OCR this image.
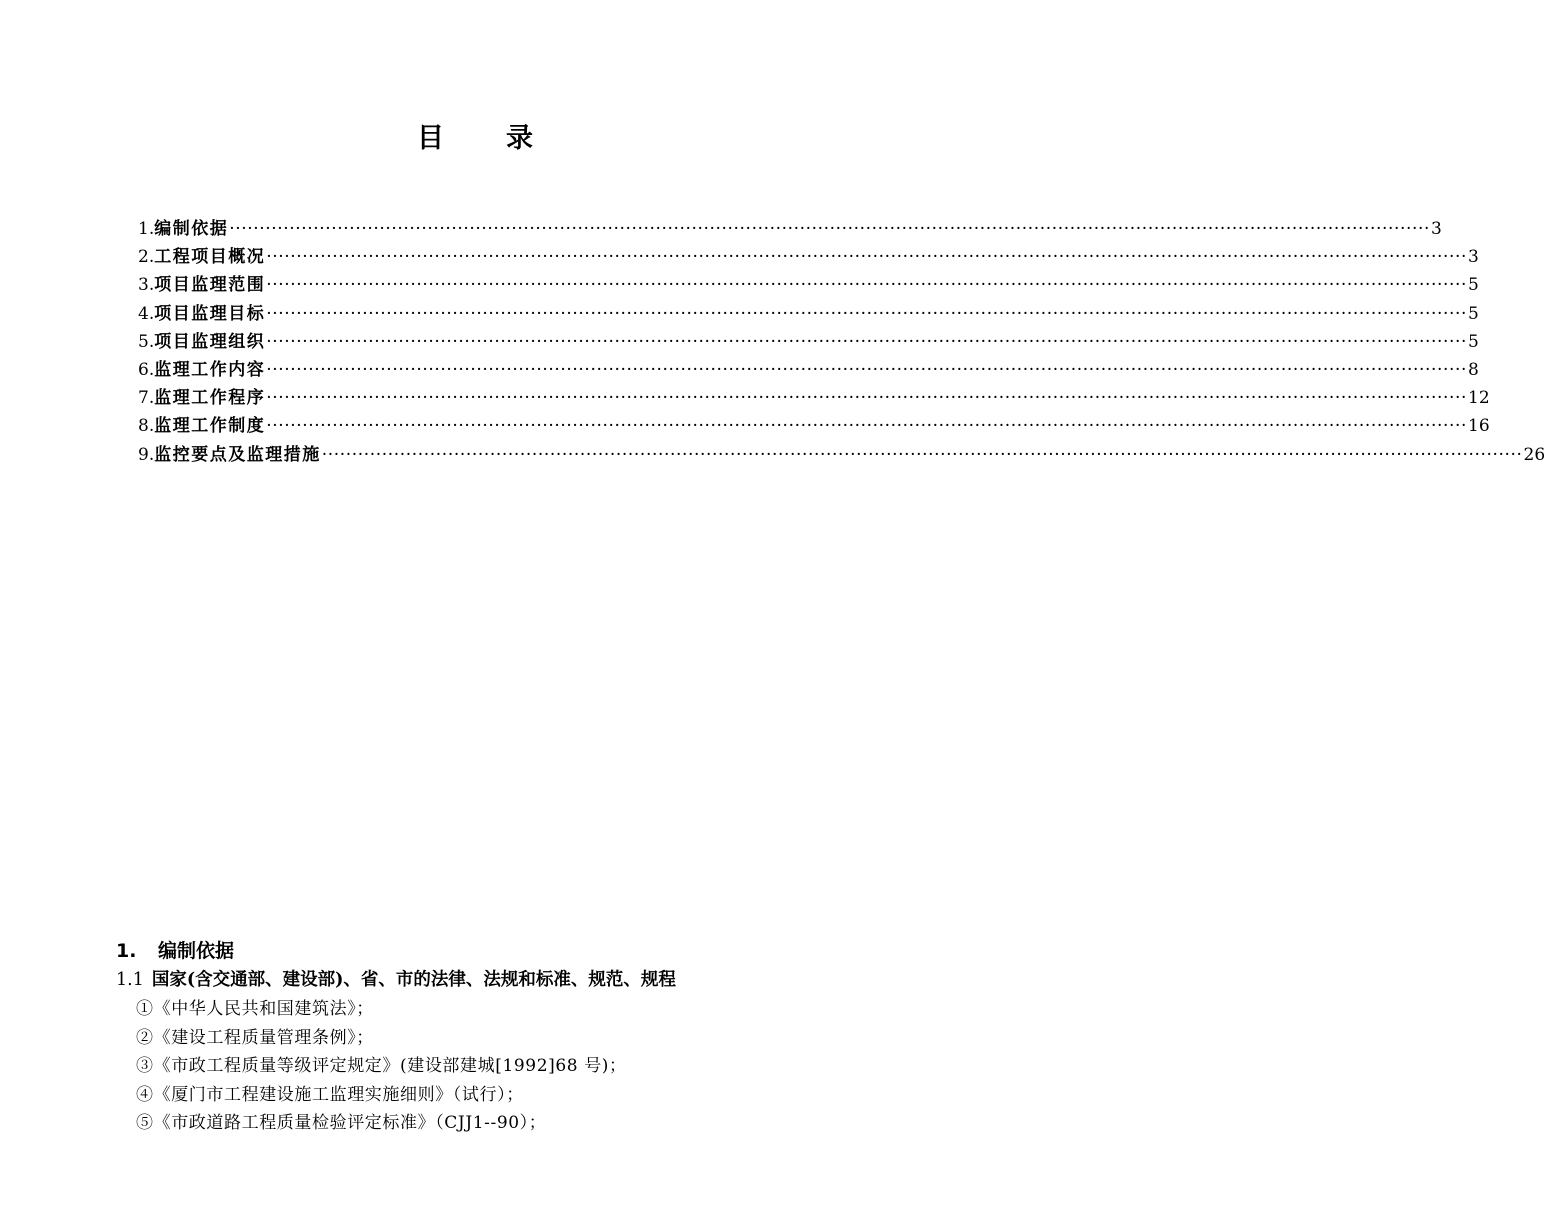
目 录
1. 编制依据 ········································································································································································································ 3
2. 工程项目概况 ········································································································································································································ 3
3. 项目监理范围 ········································································································································································································ 5
4. 项目监理目标 ········································································································································································································ 5
5. 项目监理组织 ········································································································································································································ 5
6. 监理工作内容 ········································································································································································································ 8
7. 监理工作程序 ········································································································································································································ 12
8. 监理工作制度 ········································································································································································································ 16
9. 监控要点及监理措施 ········································································································································································································ 26
1. 编制依据
1.1 国家(含交通部、建设部)、省、市的法律、法规和标准、规范、规程
①《中华人民共和国建筑法》；
②《建设工程质量管理条例》；
③《市政工程质量等级评定规定》(建设部建城[1992]68 号)；
④《厦门市工程建设施工监理实施细则》（试行）；
⑤《市政道路工程质量检验评定标准》（CJJ1--90）；
